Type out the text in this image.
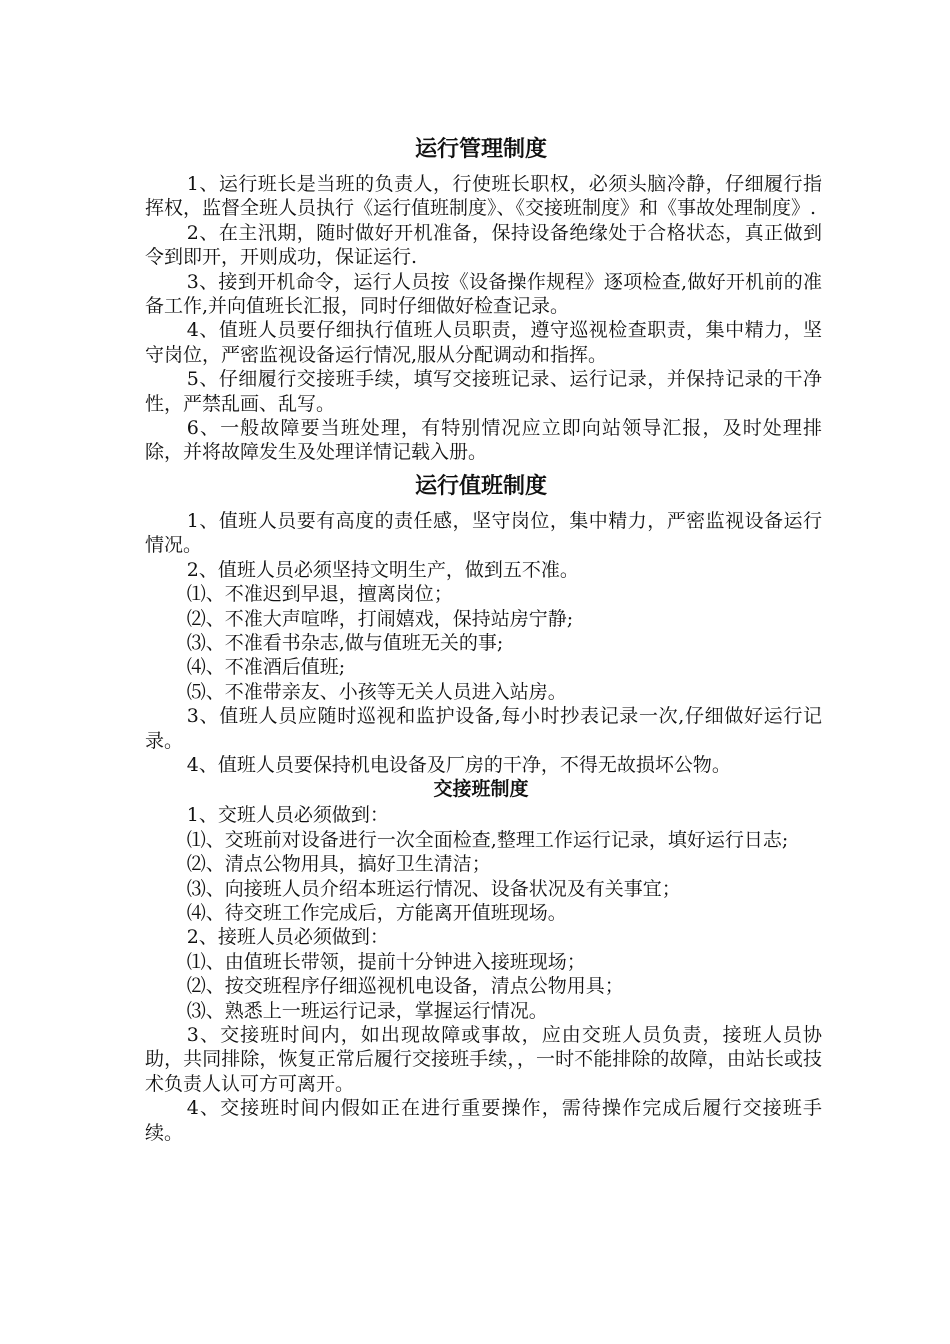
运行管理制度

1、运行班长是当班的负责人，行使班长职权，必须头脑冷静，仔细履行指挥权，监督全班人员执行《运行值班制度》、《交接班制度》和《事故处理制度》.

2、在主汛期，随时做好开机准备，保持设备绝缘处于合格状态，真正做到令到即开，开则成功，保证运行.

3、接到开机命令，运行人员按《设备操作规程》逐项检查,做好开机前的准备工作,并向值班长汇报，同时仔细做好检查记录。

4、值班人员要仔细执行值班人员职责，遵守巡视检查职责，集中精力，坚守岗位，严密监视设备运行情况,服从分配调动和指挥。

5、仔细履行交接班手续，填写交接班记录、运行记录，并保持记录的干净性，严禁乱画、乱写。

6、一般故障要当班处理，有特别情况应立即向站领导汇报，及时处理排除，并将故障发生及处理详情记载入册。

运行值班制度

1、值班人员要有高度的责任感，坚守岗位，集中精力，严密监视设备运行情况。

2、值班人员必须坚持文明生产，做到五不准。

⑴、不准迟到早退，擅离岗位；

⑵、不准大声喧哗，打闹嬉戏，保持站房宁静;

⑶、不准看书杂志,做与值班无关的事;

⑷、不准酒后值班;

⑸、不准带亲友、小孩等无关人员进入站房。

3、值班人员应随时巡视和监护设备,每小时抄表记录一次,仔细做好运行记录。

4、值班人员要保持机电设备及厂房的干净，不得无故损坏公物。

交接班制度

1、交班人员必须做到：

⑴、交班前对设备进行一次全面检查,整理工作运行记录，填好运行日志;

⑵、清点公物用具，搞好卫生清洁；

⑶、向接班人员介绍本班运行情况、设备状况及有关事宜；

⑷、待交班工作完成后，方能离开值班现场。

2、接班人员必须做到：

⑴、由值班长带领，提前十分钟进入接班现场；

⑵、按交班程序仔细巡视机电设备，清点公物用具；

⑶、熟悉上一班运行记录，掌握运行情况。

3、交接班时间内，如出现故障或事故，应由交班人员负责，接班人员协助，共同排除，恢复正常后履行交接班手续，，一时不能排除的故障，由站长或技术负责人认可方可离开。

4、交接班时间内假如正在进行重要操作，需待操作完成后履行交接班手续。
